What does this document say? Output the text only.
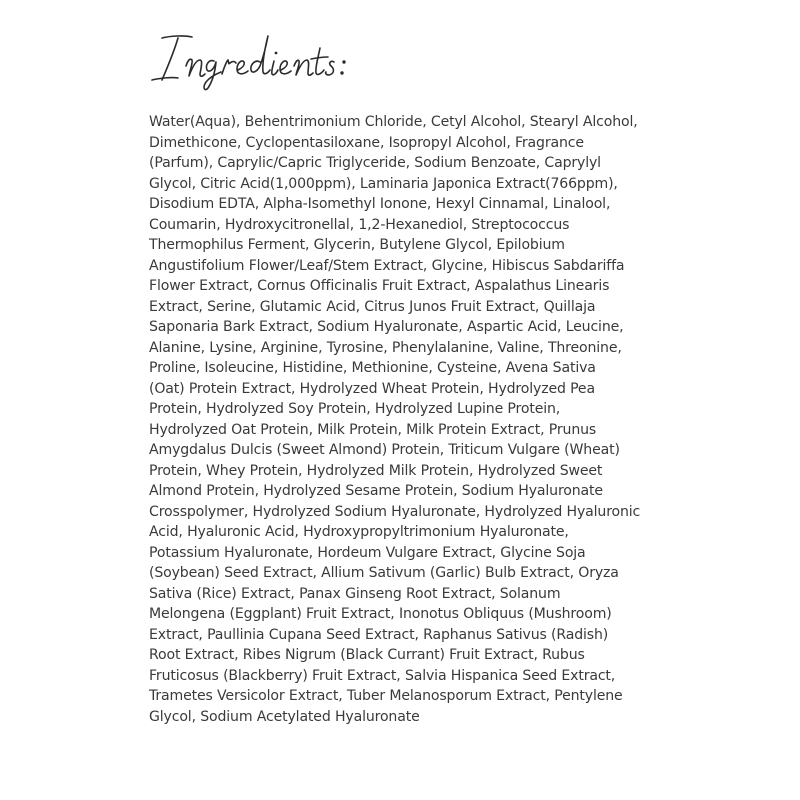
Water(Aqua), Behentrimonium Chloride, Cetyl Alcohol, Stearyl Alcohol,
Dimethicone, Cyclopentasiloxane, Isopropyl Alcohol, Fragrance
(Parfum), Caprylic/Capric Triglyceride, Sodium Benzoate, Caprylyl
Glycol, Citric Acid(1,000ppm), Laminaria Japonica Extract(766ppm),
Disodium EDTA, Alpha-Isomethyl Ionone, Hexyl Cinnamal, Linalool,
Coumarin, Hydroxycitronellal, 1,2-Hexanediol, Streptococcus
Thermophilus Ferment, Glycerin, Butylene Glycol, Epilobium
Angustifolium Flower/Leaf/Stem Extract, Glycine, Hibiscus Sabdariffa
Flower Extract, Cornus Officinalis Fruit Extract, Aspalathus Linearis
Extract, Serine, Glutamic Acid, Citrus Junos Fruit Extract, Quillaja
Saponaria Bark Extract, Sodium Hyaluronate, Aspartic Acid, Leucine,
Alanine, Lysine, Arginine, Tyrosine, Phenylalanine, Valine, Threonine,
Proline, Isoleucine, Histidine, Methionine, Cysteine, Avena Sativa
(Oat) Protein Extract, Hydrolyzed Wheat Protein, Hydrolyzed Pea
Protein, Hydrolyzed Soy Protein, Hydrolyzed Lupine Protein,
Hydrolyzed Oat Protein, Milk Protein, Milk Protein Extract, Prunus
Amygdalus Dulcis (Sweet Almond) Protein, Triticum Vulgare (Wheat)
Protein, Whey Protein, Hydrolyzed Milk Protein, Hydrolyzed Sweet
Almond Protein, Hydrolyzed Sesame Protein, Sodium Hyaluronate
Crosspolymer, Hydrolyzed Sodium Hyaluronate, Hydrolyzed Hyaluronic
Acid, Hyaluronic Acid, Hydroxypropyltrimonium Hyaluronate,
Potassium Hyaluronate, Hordeum Vulgare Extract, Glycine Soja
(Soybean) Seed Extract, Allium Sativum (Garlic) Bulb Extract, Oryza
Sativa (Rice) Extract, Panax Ginseng Root Extract, Solanum
Melongena (Eggplant) Fruit Extract, Inonotus Obliquus (Mushroom)
Extract, Paullinia Cupana Seed Extract, Raphanus Sativus (Radish)
Root Extract, Ribes Nigrum (Black Currant) Fruit Extract, Rubus
Fruticosus (Blackberry) Fruit Extract, Salvia Hispanica Seed Extract,
Trametes Versicolor Extract, Tuber Melanosporum Extract, Pentylene
Glycol, Sodium Acetylated Hyaluronate
